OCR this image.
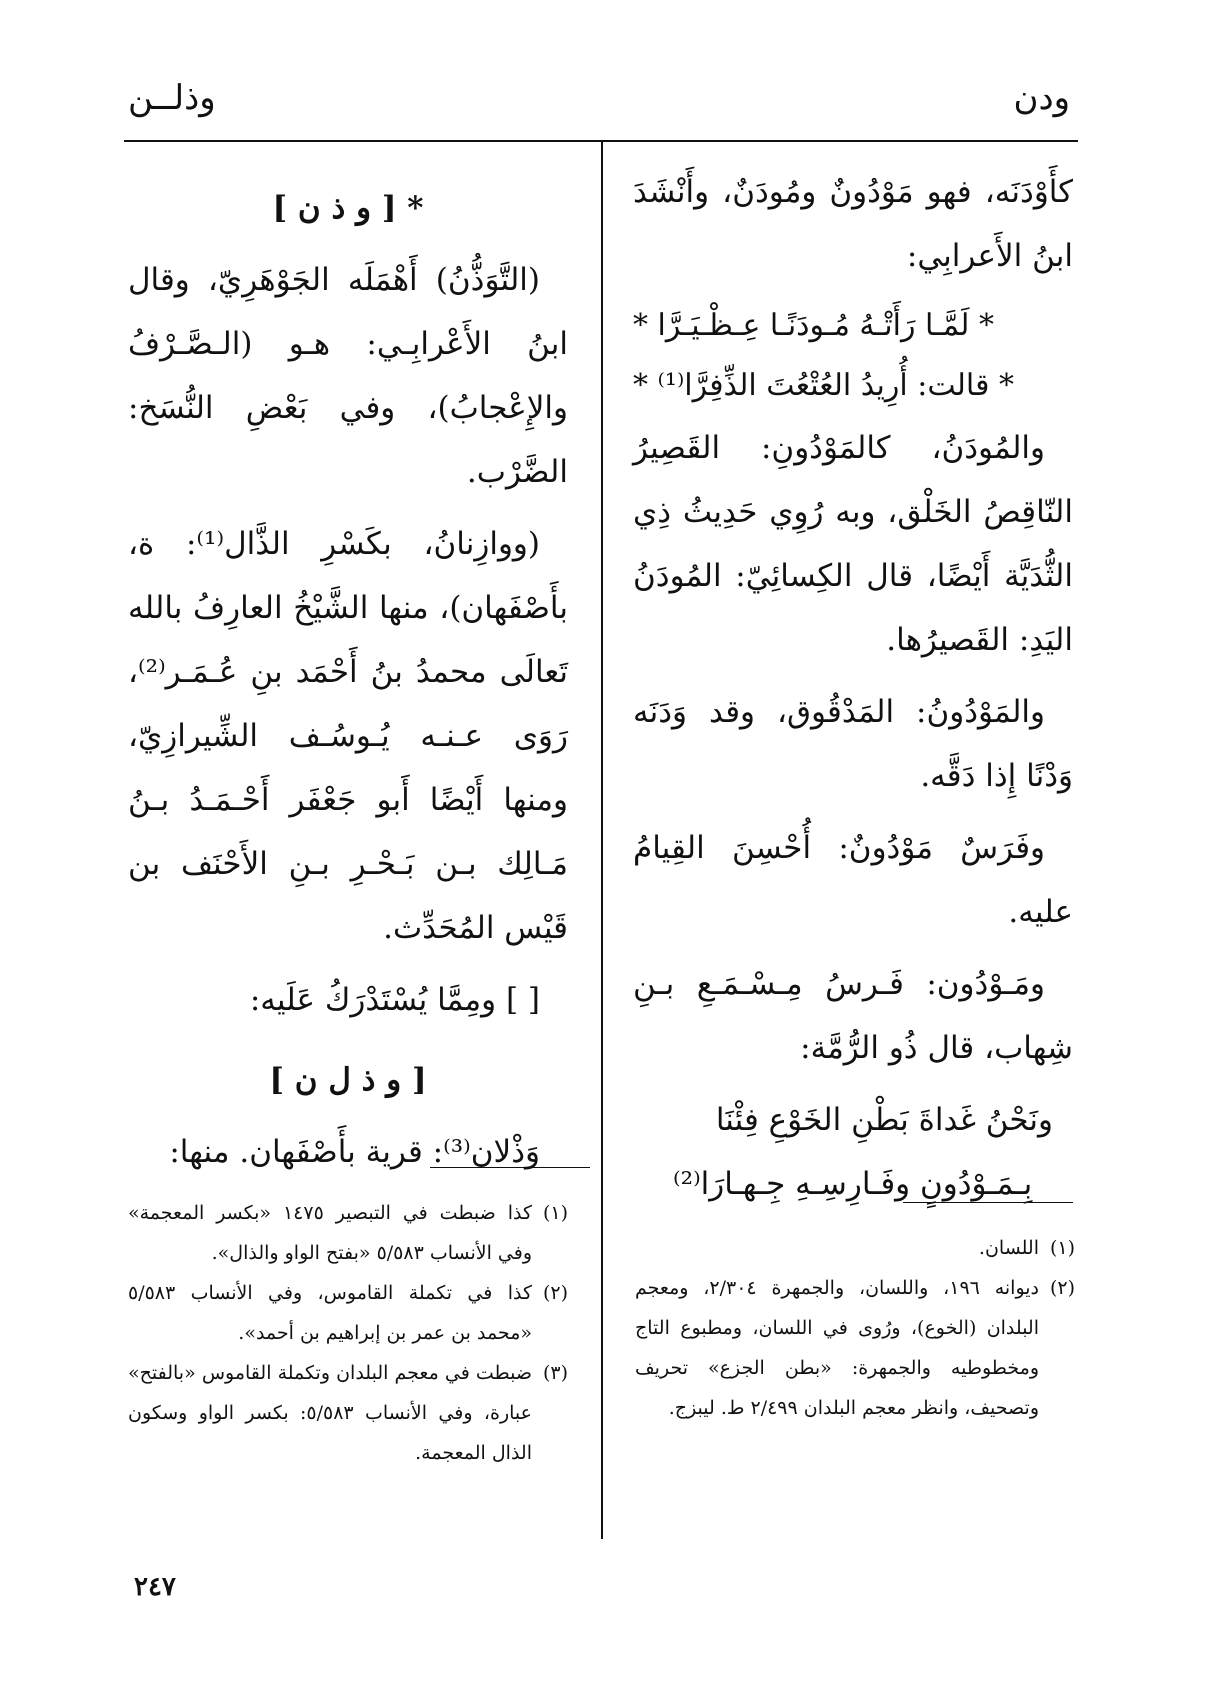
ودن
وذلــن

كأَوْدَنَه، فهو مَوْدُونٌ ومُودَنٌ، وأَنْشَدَ ابنُ الأَعرابِي:

* لَمَّـا رَأَتْـهُ مُـودَنًـا عِـظْـيَـرَّا *

* قالت: أُرِيدُ العُتْعُتَ الذِّفِرَّا⁽¹⁾ *

والمُودَنُ، كالمَوْدُونِ: القَصِيرُ النّاقِصُ الخَلْق، وبه رُوِي حَدِيثُ ذِي الثُّدَيَّة أَيْضًا، قال الكِسائِيّ: المُودَنُ اليَدِ: القَصيرُها.

والمَوْدُونُ: المَدْقُوق، وقد وَدَنَه وَدْنًا إِذا دَقَّه.

وفَرَسٌ مَوْدُونٌ: أُحْسِنَ القِيامُ عليه.

ومَـوْدُون: فَـرسُ مِـسْـمَـعِ بـنِ شِهاب، قال ذُو الرُّمَّة:

ونَحْنُ غَداةَ بَطْنِ الخَوْعِ فِئْنَا

بِـمَـوْدُونٍ وفَـارِسِـهِ جِـهـارَا⁽²⁾

* [ و ذ ن ]

(التَّوَذُّنُ) أَهْمَلَه الجَوْهَرِيّ، وقال ابنُ الأَعْرابِـي: هـو (الـصَّـرْفُ والإِعْجابُ)، وفي بَعْضِ النُّسَخ: الضَّرْب.

(ووازِنانُ، بكَسْرِ الذَّال⁽¹⁾: ة، بأَصْفَهان)، منها الشَّيْخُ العارِفُ بالله تَعالَى محمدُ بنُ أَحْمَد بنِ عُـمَـر⁽²⁾، رَوَى عـنـه يُـوسُـف الشِّيرازِيّ، ومنها أَيْضًا أَبو جَعْفَر أَحْـمَـدُ بـنُ مَـالِك بـن بَـحْـرِ بـنِ الأَحْنَف بن قَيْس المُحَدِّث.

[ ] ومِمَّا يُسْتَدْرَكُ عَلَيه:

[ و ذ ل ن ]

وَذْلان⁽³⁾: قرية بأَصْفَهان. منها:

(١)
اللسان.
(٢)
ديوانه ١٩٦، واللسان، والجمهرة ٢/٣٠٤، ومعجم البلدان (الخوع)، ورُوى في اللسان، ومطبوع التاج ومخطوطيه والجمهرة: «بطن الجزع» تحريف وتصحيف، وانظر معجم البلدان ٢/٤٩٩ ط. ليبزج.
(١)
كذا ضبطت في التبصير ١٤٧٥ «بكسر المعجمة» وفي الأنساب ٥/٥٨٣ «بفتح الواو والذال».
(٢)
كذا في تكملة القاموس، وفي الأنساب ٥/٥٨٣ «محمد بن عمر بن إبراهيم بن أحمد».
(٣)
ضبطت في معجم البلدان وتكملة القاموس «بالفتح» عبارة، وفي الأنساب ٥/٥٨٣: بكسر الواو وسكون الذال المعجمة.
٢٤٧
